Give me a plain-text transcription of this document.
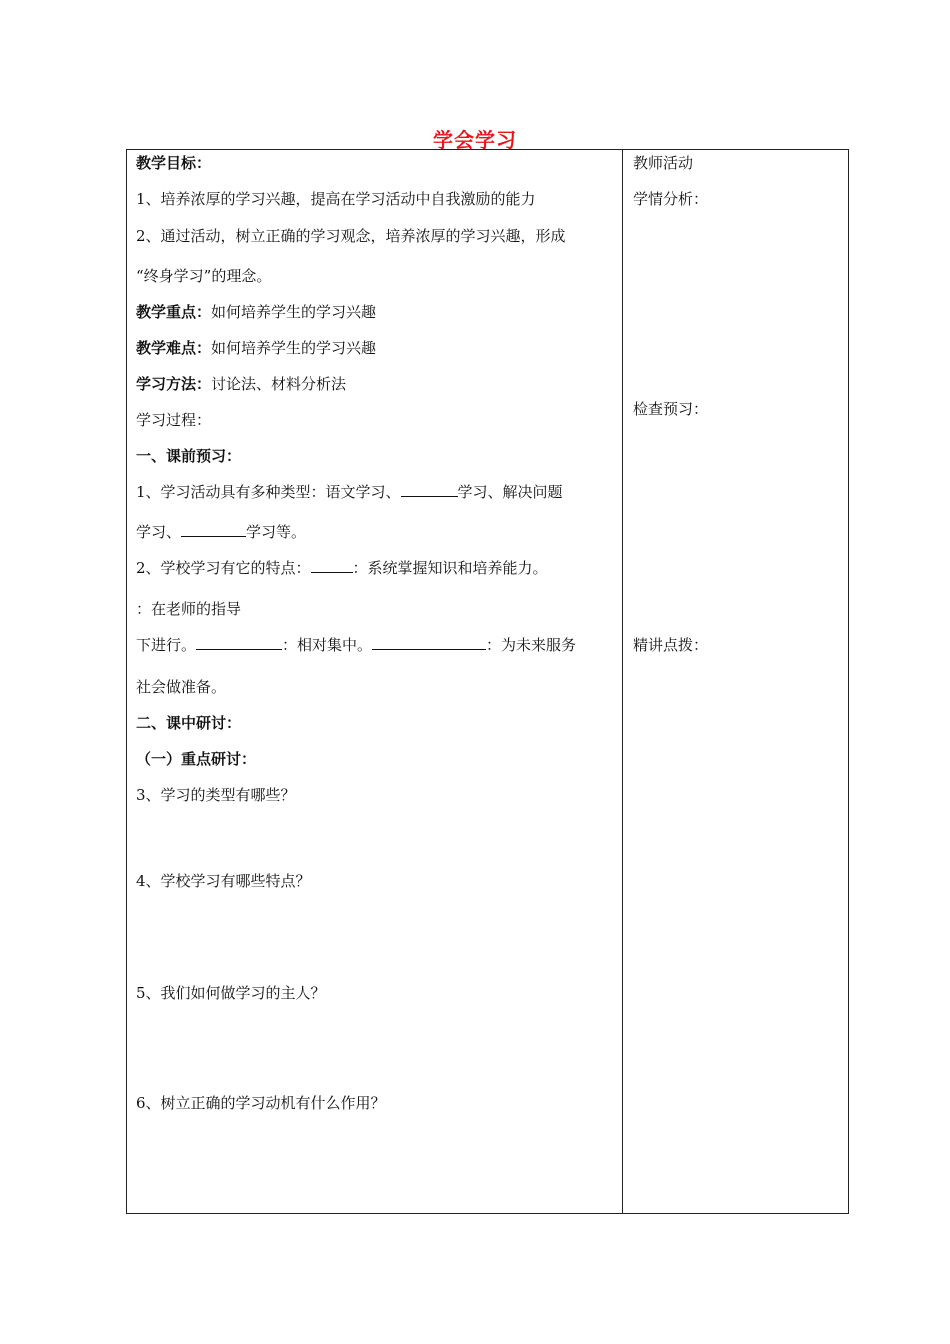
学会学习
教学目标：
1、培养浓厚的学习兴趣，提高在学习活动中自我激励的能力
2、通过活动，树立正确的学习观念，培养浓厚的学习兴趣，形成
“终身学习”的理念。
教学重点：如何培养学生的学习兴趣
教学难点：如何培养学生的学习兴趣
学习方法：讨论法、材料分析法
学习过程：
一、课前预习：
1、学习活动具有多种类型：语文学习、	学习、解决问题
学习、	学习等。
2、学校学习有它的特点：	：系统掌握知识和培养能力。
：在老师的指导
下进行。	：相对集中。	：为未来服务
社会做准备。
二、课中研讨：
（一）重点研讨：
3、学习的类型有哪些？
4、学校学习有哪些特点？
5、我们如何做学习的主人？
6、树立正确的学习动机有什么作用？
教师活动
学情分析：
检查预习：
精讲点拨：
